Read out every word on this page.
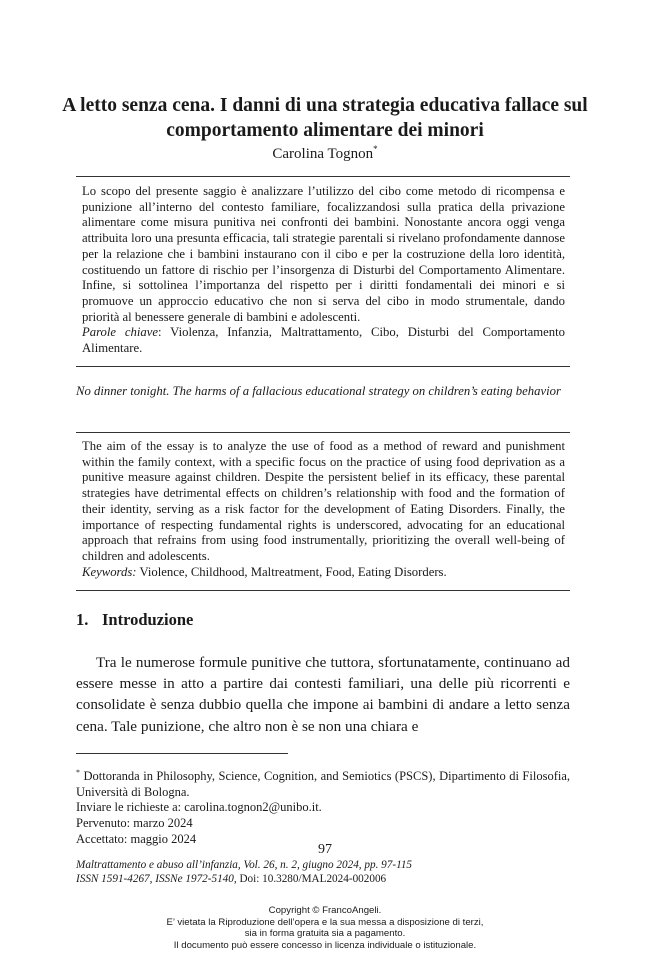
A letto senza cena. I danni di una strategia educativa fallace sul comportamento alimentare dei minori
Carolina Tognon*
Lo scopo del presente saggio è analizzare l’utilizzo del cibo come metodo di ricompensa e punizione all’interno del contesto familiare, focalizzandosi sulla pratica della privazione alimentare come misura punitiva nei confronti dei bambini. Nonostante ancora oggi venga attribuita loro una presunta efficacia, tali strategie parentali si rivelano profondamente dannose per la relazione che i bambini instaurano con il cibo e per la costruzione della loro identità, costituendo un fattore di rischio per l’insorgenza di Disturbi del Comportamento Alimentare. Infine, si sottolinea l’importanza del rispetto per i diritti fondamentali dei minori e si promuove un approccio educativo che non si serva del cibo in modo strumentale, dando priorità al benessere generale di bambini e adolescenti.
Parole chiave: Violenza, Infanzia, Maltrattamento, Cibo, Disturbi del Comportamento Alimentare.
No dinner tonight. The harms of a fallacious educational strategy on children’s eating behavior
The aim of the essay is to analyze the use of food as a method of reward and punishment within the family context, with a specific focus on the practice of using food deprivation as a punitive measure against children. Despite the persistent belief in its efficacy, these parental strategies have detrimental effects on children’s relationship with food and the formation of their identity, serving as a risk factor for the development of Eating Disorders. Finally, the importance of respecting fundamental rights is underscored, advocating for an educational approach that refrains from using food instrumentally, prioritizing the overall well-being of children and adolescents.
Keywords: Violence, Childhood, Maltreatment, Food, Eating Disorders.
1. Introduzione
Tra le numerose formule punitive che tuttora, sfortunatamente, continuano ad essere messe in atto a partire dai contesti familiari, una delle più ricorrenti e consolidate è senza dubbio quella che impone ai bambini di andare a letto senza cena. Tale punizione, che altro non è se non una chiara e
* Dottoranda in Philosophy, Science, Cognition, and Semiotics (PSCS), Dipartimento di Filosofia, Università di Bologna.
Inviare le richieste a: carolina.tognon2@unibo.it.
Pervenuto: marzo 2024
Accettato: maggio 2024
97
Maltrattamento e abuso all’infanzia, Vol. 26, n. 2, giugno 2024, pp. 97-115
ISSN 1591-4267, ISSNe 1972-5140, Doi: 10.3280/MAL2024-002006
Copyright © FrancoAngeli.
E’ vietata la Riproduzione dell’opera e la sua messa a disposizione di terzi,
sia in forma gratuita sia a pagamento.
Il documento può essere concesso in licenza individuale o istituzionale.
